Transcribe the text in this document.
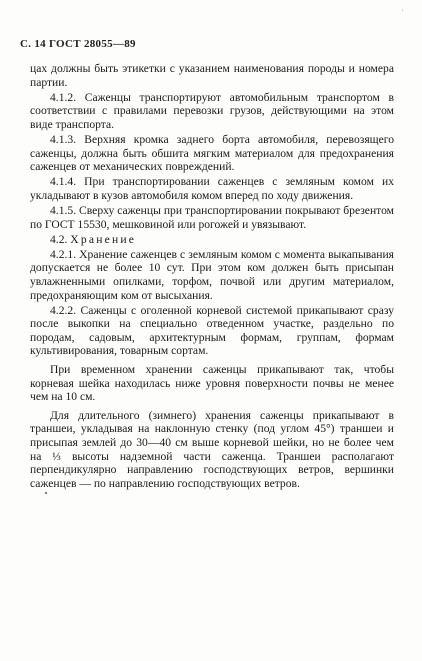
'
С. 14 ГОСТ 28055—89

цах должны быть этикетки с указанием наименования породы и номера партии.

4.1.2. Саженцы транспортируют автомобильным транспортом в соответствии с правилами перевозки грузов, действующими на этом виде транспорта.

4.1.3. Верхняя кромка заднего борта автомобиля, перевозящего саженцы, должна быть обшита мягким материалом для предохранения саженцев от механических повреждений.

4.1.4. При транспортировании саженцев с земляным комом их укладывают в кузов автомобиля комом вперед по ходу движения.

4.1.5. Сверху саженцы при транспортировании покрывают брезентом по ГОСТ 15530, мешковиной или рогожей и увязывают.

4.2. Хранение

4.2.1. Хранение саженцев с земляным комом с момента выкапывания допускается не более 10 сут. При этом ком должен быть присыпан увлажненными опилками, торфом, почвой или другим материалом, предохраняющим ком от высыхания.

4.2.2. Саженцы с оголенной корневой системой прикапывают сразу после выкопки на специально отведенном участке, раздельно по породам, садовым, архитектурным формам, группам, формам культивирования, товарным сортам.

При временном хранении саженцы прикапывают так, чтобы корневая шейка находилась ниже уровня поверхности почвы не менее чем на 10 см.

Для длительного (зимнего) хранения саженцы прикапывают в траншеи, укладывая на наклонную стенку (под углом 45°) траншеи и присыпая землей до 30—40 см выше корневой шейки, но не более чем на ⅓ высоты надземной части саженца. Траншеи располагают перпендикулярно направлению господствующих ветров, вершинки саженцев — по направлению господствующих ветров.
